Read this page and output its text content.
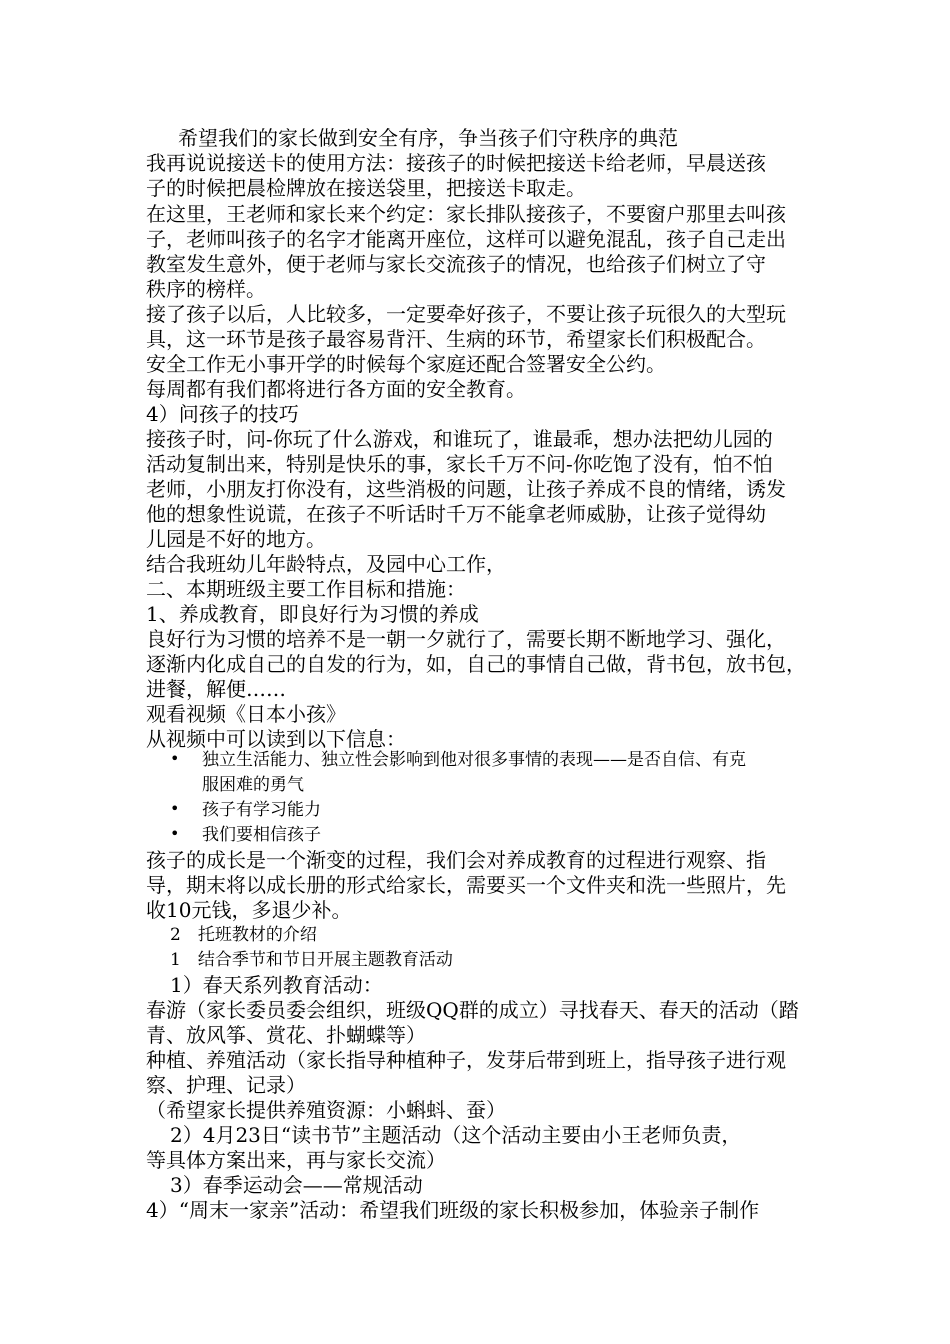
希望我们的家长做到安全有序，争当孩子们守秩序的典范
我再说说接送卡的使用方法：接孩子的时候把接送卡给老师，早晨送孩
子的时候把晨检牌放在接送袋里，把接送卡取走。
在这里，王老师和家长来个约定：家长排队接孩子，不要窗户那里去叫孩
子，老师叫孩子的名字才能离开座位，这样可以避免混乱，孩子自己走出
教室发生意外，便于老师与家长交流孩子的情况，也给孩子们树立了守
秩序的榜样。
接了孩子以后，人比较多，一定要牵好孩子，不要让孩子玩很久的大型玩
具，这一环节是孩子最容易背汗、生病的环节，希望家长们积极配合。
安全工作无小事开学的时候每个家庭还配合签署安全公约。
每周都有我们都将进行各方面的安全教育。
4）问孩子的技巧
接孩子时，问-你玩了什么游戏，和谁玩了，谁最乖，想办法把幼儿园的
活动复制出来，特别是快乐的事，家长千万不问-你吃饱了没有，怕不怕
老师，小朋友打你没有，这些消极的问题，让孩子养成不良的情绪，诱发
他的想象性说谎，在孩子不听话时千万不能拿老师威胁，让孩子觉得幼
儿园是不好的地方。
结合我班幼儿年龄特点，及园中心工作，
二、本期班级主要工作目标和措施：
1、养成教育，即良好行为习惯的养成
良好行为习惯的培养不是一朝一夕就行了，需要长期不断地学习、强化，
逐渐内化成自己的自发的行为，如，自己的事情自己做，背书包，放书包，
进餐，解便……
观看视频《日本小孩》
从视频中可以读到以下信息：
• 独立生活能力、独立性会影响到他对很多事情的表现——是否自信、有克
服困难的勇气
• 孩子有学习能力
• 我们要相信孩子
孩子的成长是一个渐变的过程，我们会对养成教育的过程进行观察、指
导，期末将以成长册的形式给家长，需要买一个文件夹和洗一些照片，先
收10元钱，多退少补。
2　托班教材的介绍
1　结合季节和节日开展主题教育活动
1）春天系列教育活动：
春游（家长委员委会组织，班级QQ群的成立）寻找春天、春天的活动（踏
青、放风筝、赏花、扑蝴蝶等）
种植、养殖活动（家长指导种植种子，发芽后带到班上，指导孩子进行观
察、护理、记录）
（希望家长提供养殖资源：小蝌蚪、蚕）
2）4月23日“读书节”主题活动（这个活动主要由小王老师负责，
等具体方案出来，再与家长交流）
3）春季运动会——常规活动
4）“周末一家亲”活动：希望我们班级的家长积极参加，体验亲子制作
